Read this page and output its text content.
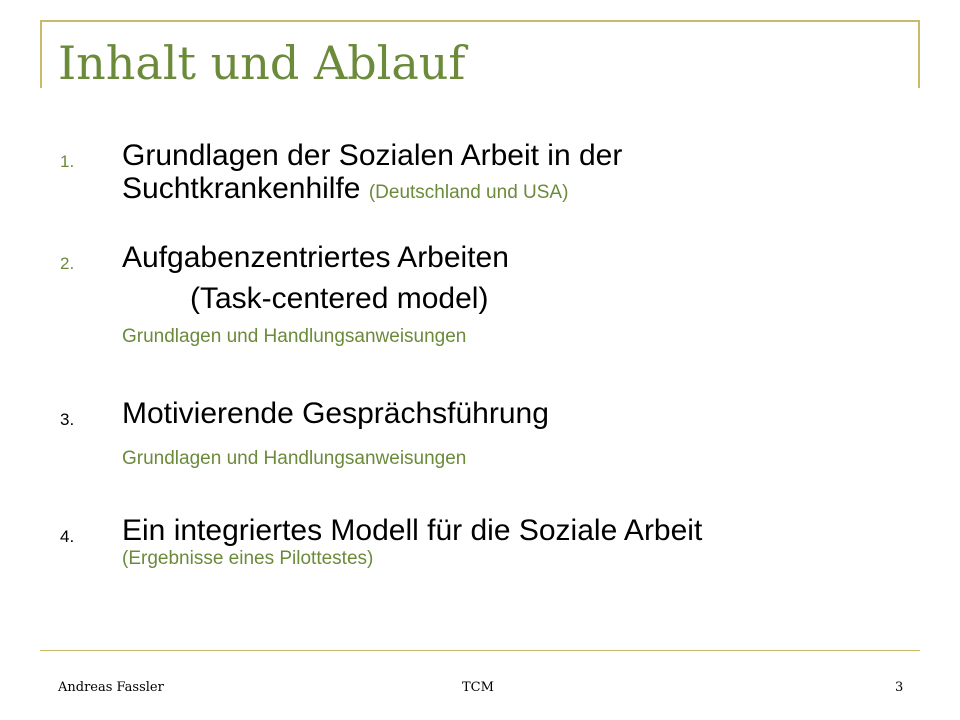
Inhalt und Ablauf
1. Grundlagen der Sozialen Arbeit in der
Suchtkrankenhilfe (Deutschland und USA)
2. Aufgabenzentriertes Arbeiten
(Task-centered model)
Grundlagen und Handlungsanweisungen
3. Motivierende Gesprächsführung
Grundlagen und Handlungsanweisungen
4. Ein integriertes Modell für die Soziale Arbeit
(Ergebnisse eines Pilottestes)
Andreas Fassler	TCM	3
